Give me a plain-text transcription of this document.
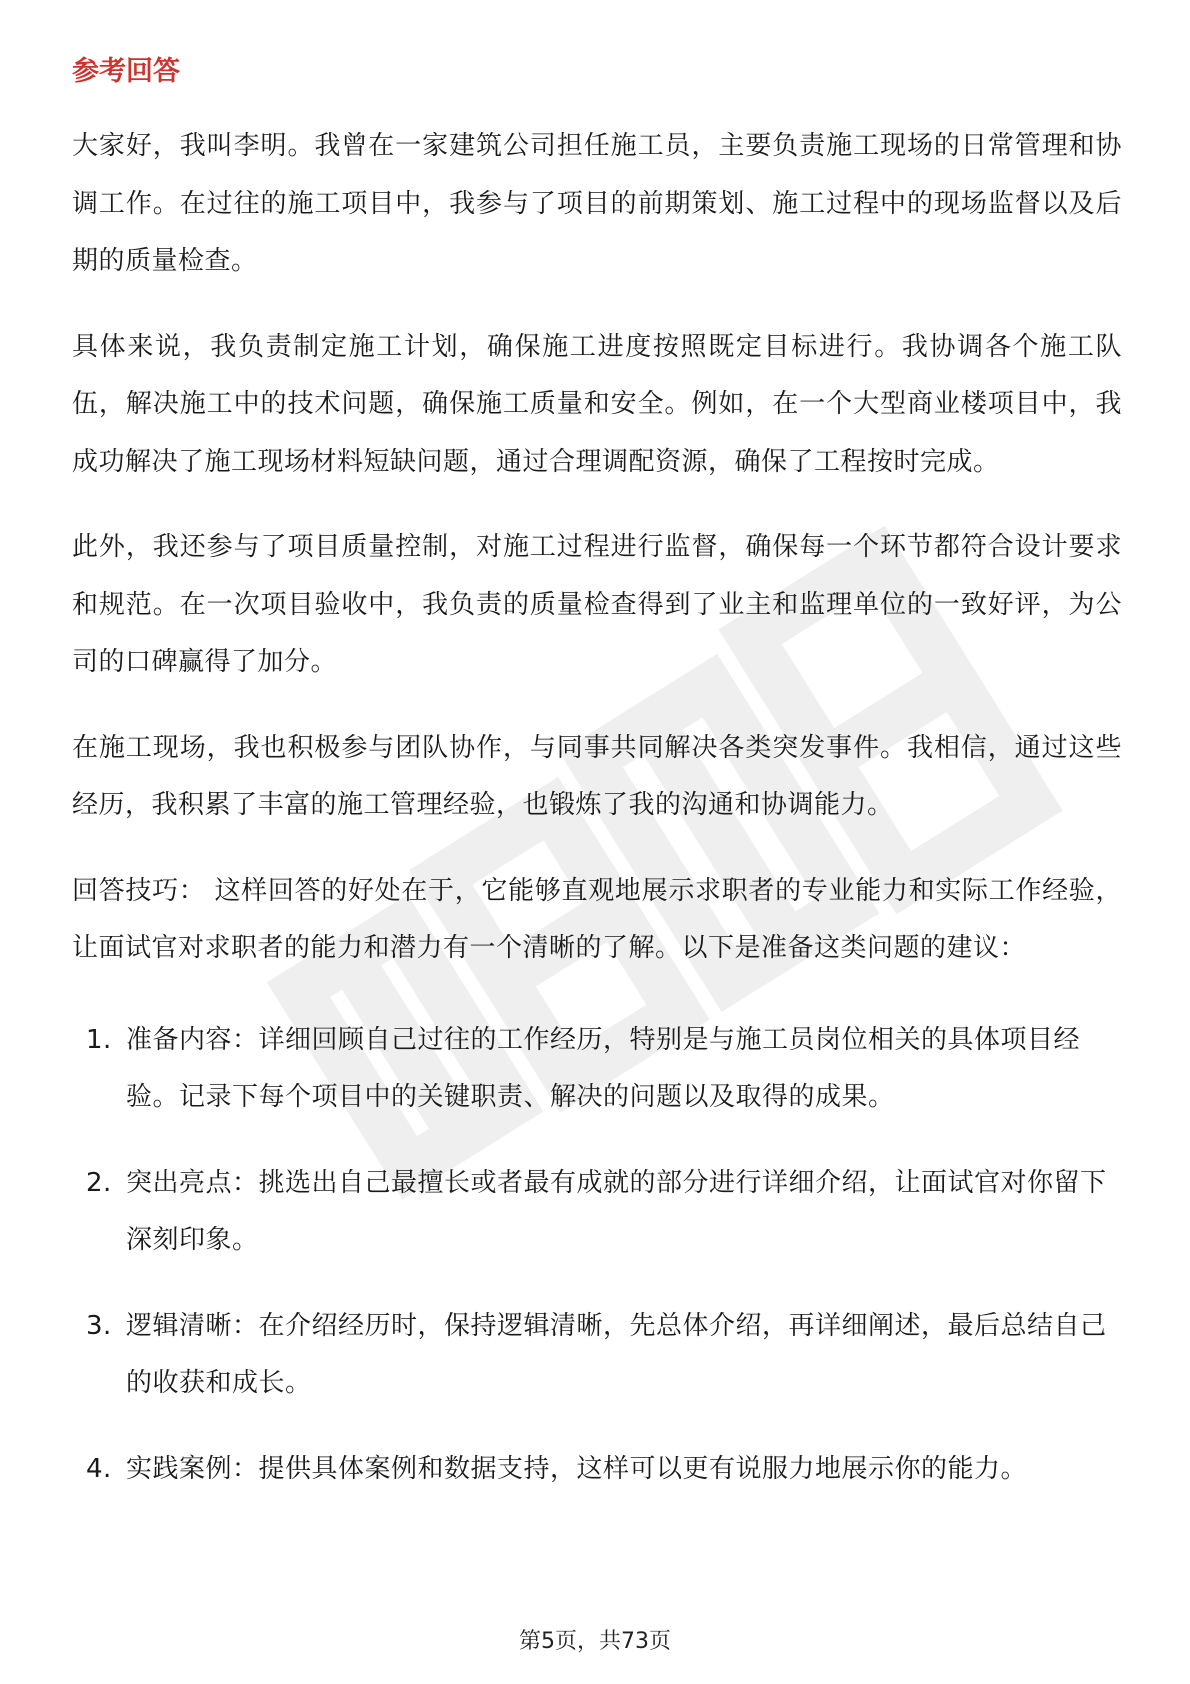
参考回答

大家好，我叫李明。我曾在一家建筑公司担任施工员，主要负责施工现场的日常管理和协调工作。在过往的施工项目中，我参与了项目的前期策划、施工过程中的现场监督以及后期的质量检查。

具体来说，我负责制定施工计划，确保施工进度按照既定目标进行。我协调各个施工队伍，解决施工中的技术问题，确保施工质量和安全。例如，在一个大型商业楼项目中，我成功解决了施工现场材料短缺问题，通过合理调配资源，确保了工程按时完成。

此外，我还参与了项目质量控制，对施工过程进行监督，确保每一个环节都符合设计要求和规范。在一次项目验收中，我负责的质量检查得到了业主和监理单位的一致好评，为公司的口碑赢得了加分。

在施工现场，我也积极参与团队协作，与同事共同解决各类突发事件。我相信，通过这些经历，我积累了丰富的施工管理经验，也锻炼了我的沟通和协调能力。

回答技巧： 这样回答的好处在于，它能够直观地展示求职者的专业能力和实际工作经验，让面试官对求职者的能力和潜力有一个清晰的了解。以下是准备这类问题的建议：

1. 准备内容：详细回顾自己过往的工作经历，特别是与施工员岗位相关的具体项目经验。记录下每个项目中的关键职责、解决的问题以及取得的成果。
2. 突出亮点：挑选出自己最擅长或者最有成就的部分进行详细介绍，让面试官对你留下深刻印象。
3. 逻辑清晰：在介绍经历时，保持逻辑清晰，先总体介绍，再详细阐述，最后总结自己的收获和成长。
4. 实践案例：提供具体案例和数据支持，这样可以更有说服力地展示你的能力。
第5页，共73页
